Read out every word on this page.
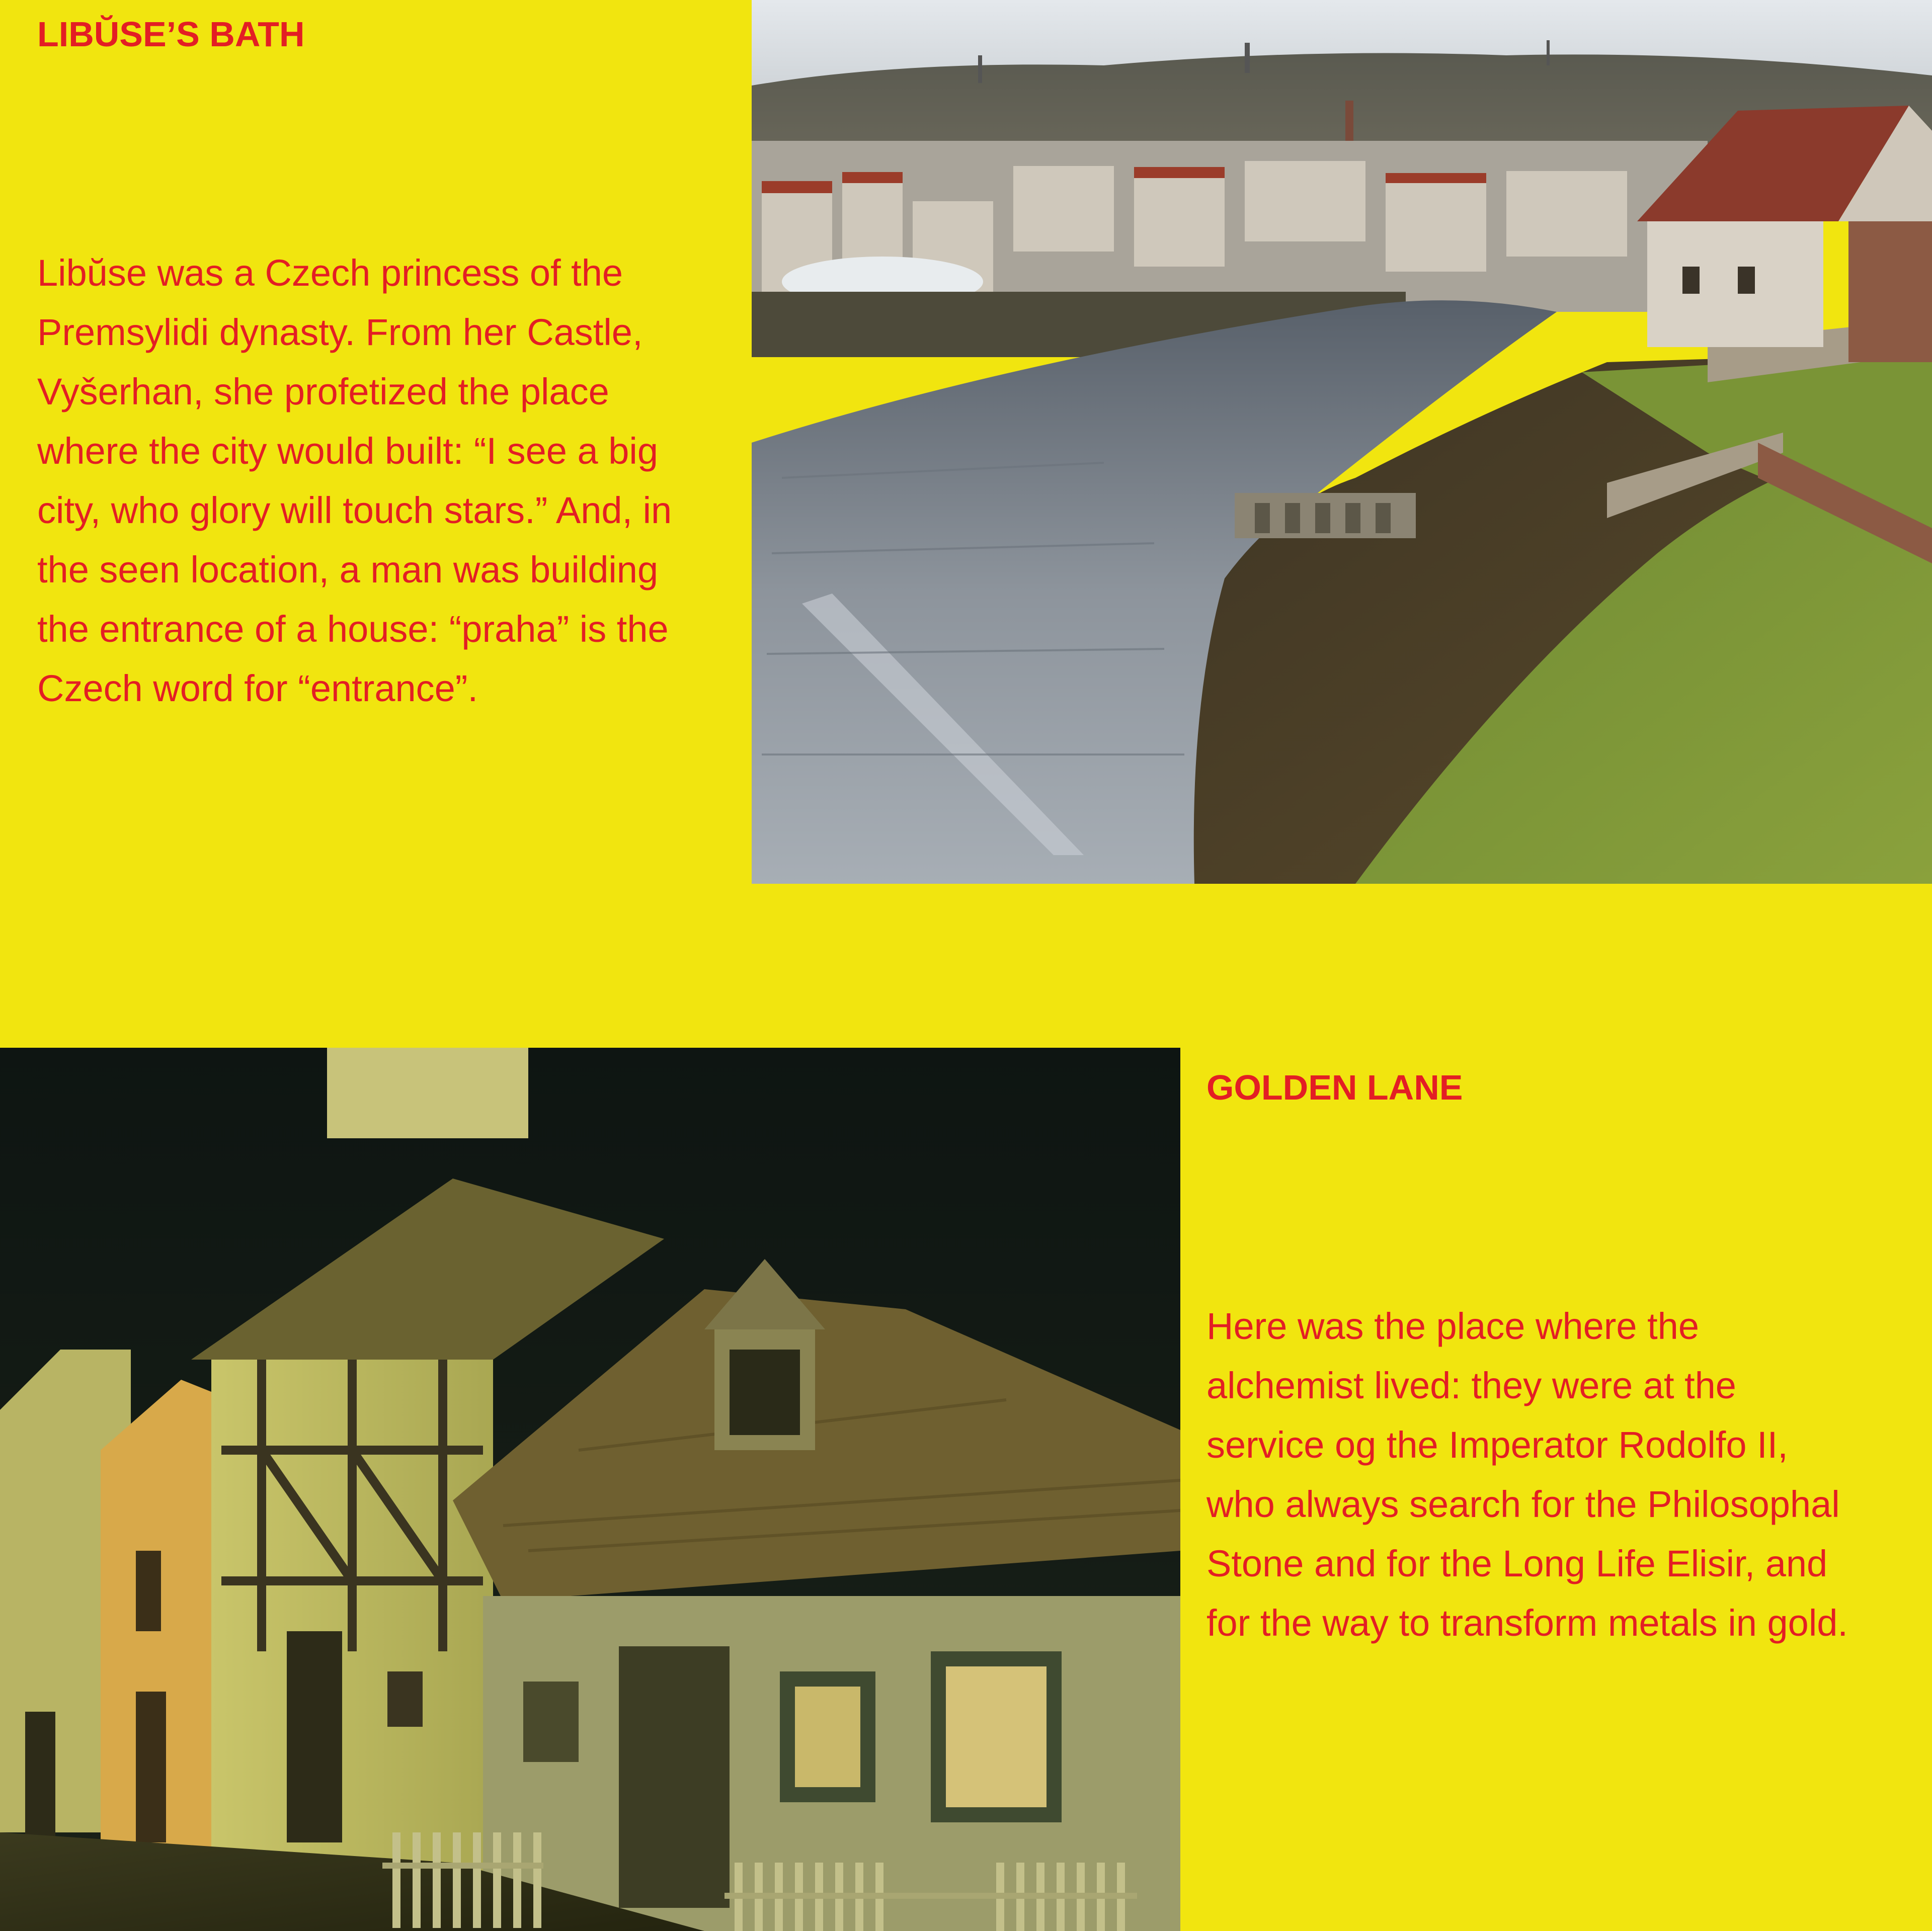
LIBŬSE’S BATH

Libŭse was a Czech princess of the

Premsylidi dynasty. From her Castle,

Vyšerhan, she profetized the place

where the city would built: “I see a big

city, who glory will touch stars.” And, in

the seen location, a man was building

the entrance of a house: “praha” is the

Czech word for “entrance”.

GOLDEN LANE

Here was the place where the

alchemist lived: they were at the

service og the Imperator Rodolfo II,

who always search for the Philosophal

Stone and for the Long Life Elisir, and

for the way to transform metals in gold.
